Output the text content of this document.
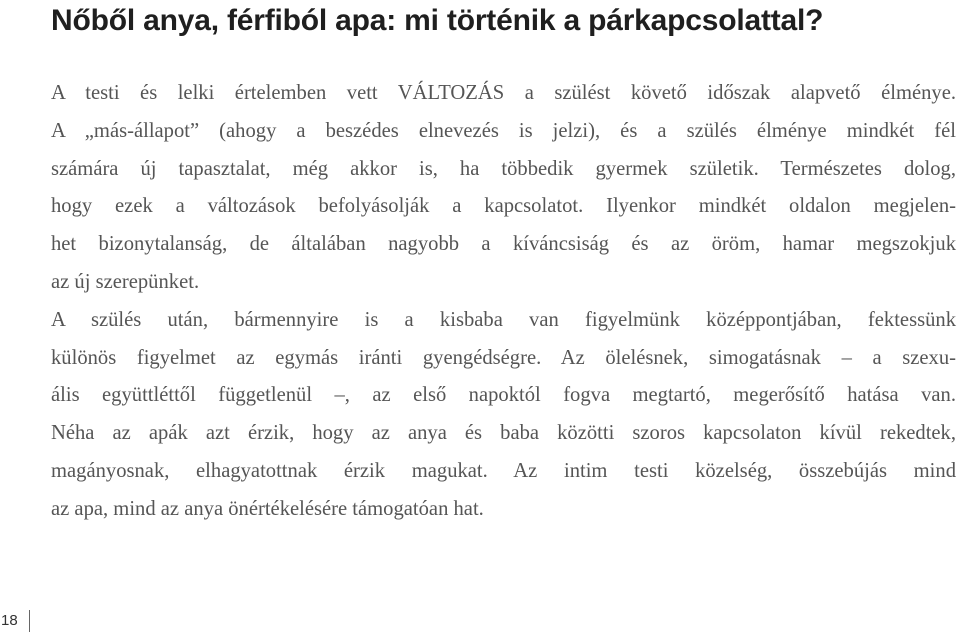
Nőből anya, férfiból apa: mi történik a párkapcsolattal?
A testi és lelki értelemben vett VÁLTOZÁS a szülést követő időszak alapvető élménye.
A „más-állapot” (ahogy a beszédes elnevezés is jelzi), és a szülés élménye mindkét fél
számára új tapasztalat, még akkor is, ha többedik gyermek születik. Természetes dolog,
hogy ezek a változások befolyásolják a kapcsolatot. Ilyenkor mindkét oldalon megjelen-
het bizonytalanság, de általában nagyobb a kíváncsiság és az öröm, hamar megszokjuk
az új szerepünket.
A szülés után, bármennyire is a kisbaba van figyelmünk középpontjában, fektessünk
különös figyelmet az egymás iránti gyengédségre. Az ölelésnek, simogatásnak – a szexu-
ális együttléttől függetlenül –, az első napoktól fogva megtartó, megerősítő hatása van.
Néha az apák azt érzik, hogy az anya és baba közötti szoros kapcsolaton kívül rekedtek,
magányosnak, elhagyatottnak érzik magukat. Az intim testi közelség, összebújás mind
az apa, mind az anya önértékelésére támogatóan hat.
18
